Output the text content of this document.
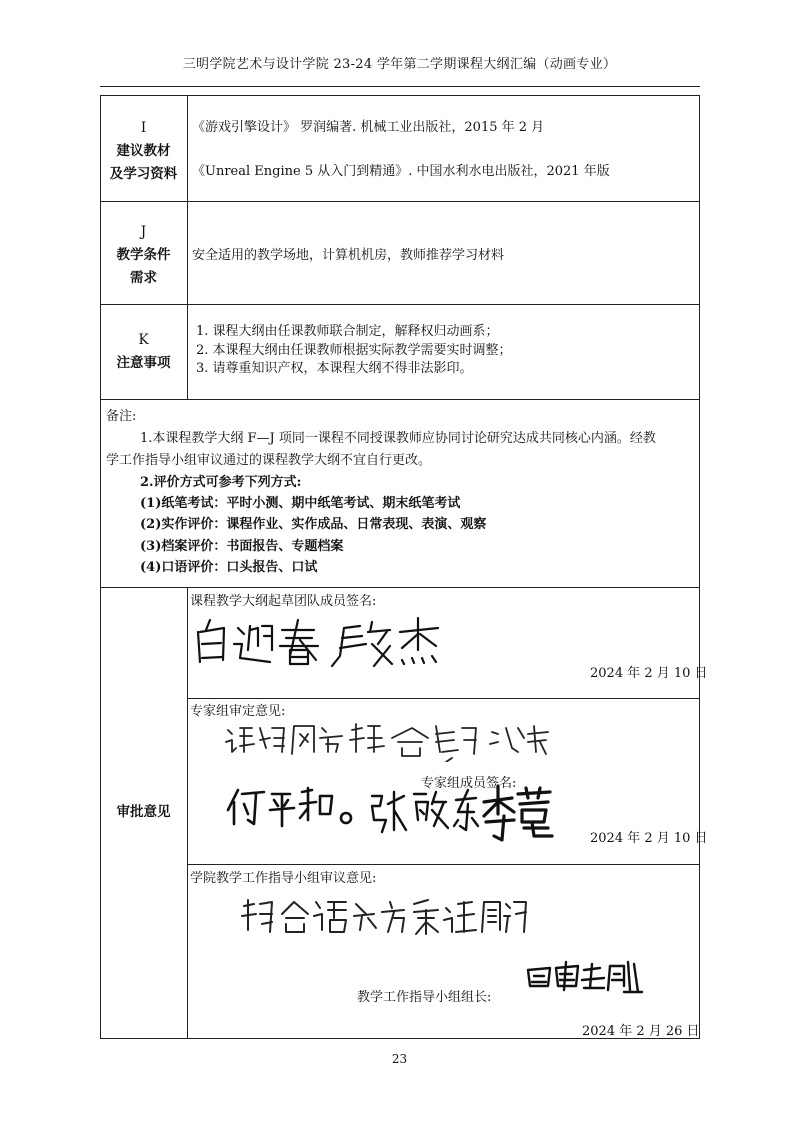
三明学院艺术与设计学院 23-24 学年第二学期课程大纲汇编（动画专业）
I
建议教材
及学习资料
《游戏引擎设计》 罗润编著. 机械工业出版社，2015 年 2 月
《Unreal Engine 5 从入门到精通》. 中国水利水电出版社，2021 年版
J
教学条件
需求
安全适用的教学场地，计算机机房，教师推荐学习材料
K
注意事项
1. 课程大纲由任课教师联合制定，解释权归动画系；
2. 本课程大纲由任课教师根据实际教学需要实时调整；
3. 请尊重知识产权，本课程大纲不得非法影印。
备注:
1.本课程教学大纲 F—J 项同一课程不同授课教师应协同讨论研究达成共同核心内涵。经教
学工作指导小组审议通过的课程教学大纲不宜自行更改。
2.评价方式可参考下列方式:
(1)纸笔考试：平时小测、期中纸笔考试、期末纸笔考试
(2)实作评价：课程作业、实作成品、日常表现、表演、观察
(3)档案评价：书面报告、专题档案
(4)口语评价：口头报告、口试
审批意见
课程教学大纲起草团队成员签名:
2024 年 2 月 10 日
专家组审定意见:
专家组成员签名:
2024 年 2 月 10 日
学院教学工作指导小组审议意见:
教学工作指导小组组长:
2024 年 2 月 26 日
23
